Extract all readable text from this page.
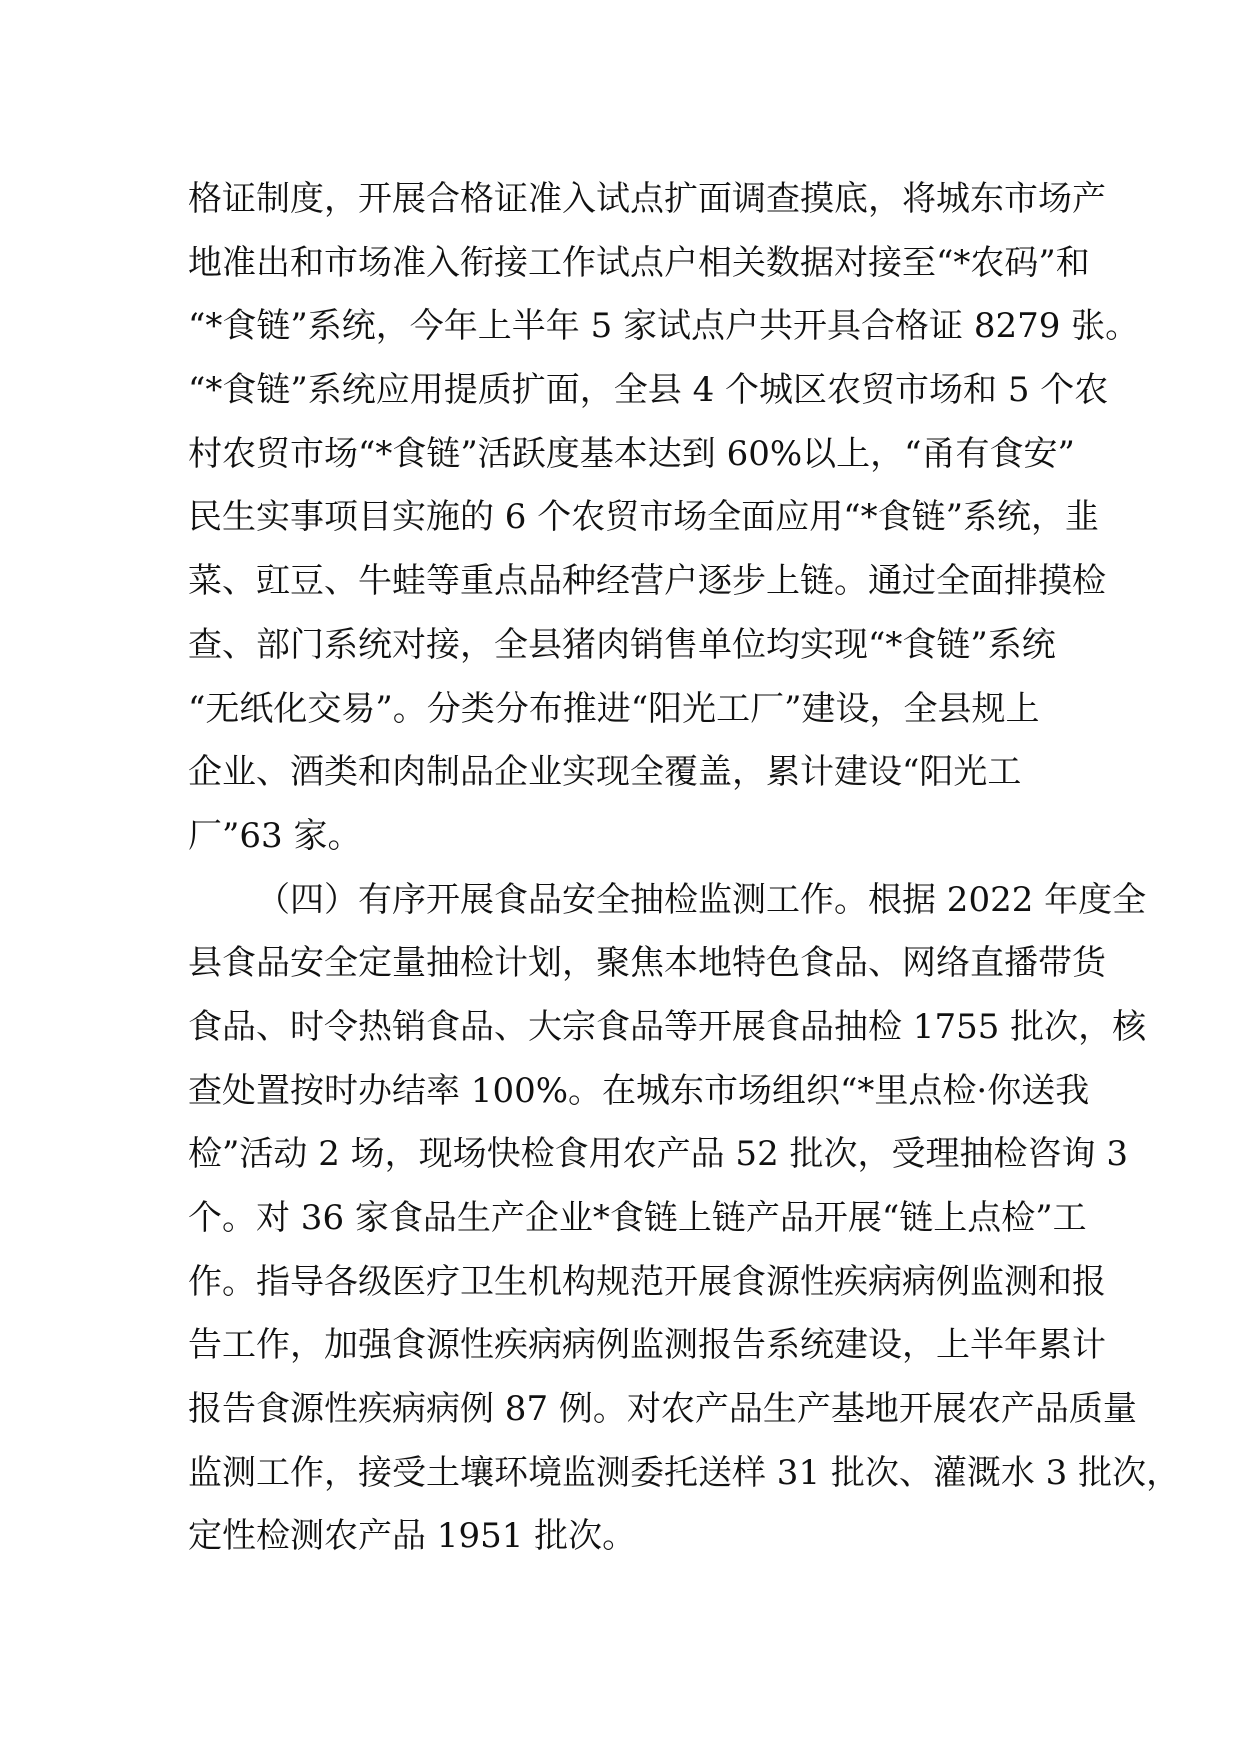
格证制度，开展合格证准入试点扩面调查摸底，将城东市场产
地准出和市场准入衔接工作试点户相关数据对接至“*农码”和
“*食链”系统，今年上半年 5 家试点户共开具合格证 8279 张。
“*食链”系统应用提质扩面，全县 4 个城区农贸市场和 5 个农
村农贸市场“*食链”活跃度基本达到 60%以上，“甬有食安”
民生实事项目实施的 6 个农贸市场全面应用“*食链”系统，韭
菜、豇豆、牛蛙等重点品种经营户逐步上链。通过全面排摸检
查、部门系统对接，全县猪肉销售单位均实现“*食链”系统
“无纸化交易”。分类分布推进“阳光工厂”建设，全县规上
企业、酒类和肉制品企业实现全覆盖，累计建设“阳光工
厂”63 家。
（四）有序开展食品安全抽检监测工作。根据 2022 年度全
县食品安全定量抽检计划，聚焦本地特色食品、网络直播带货
食品、时令热销食品、大宗食品等开展食品抽检 1755 批次，核
查处置按时办结率 100%。在城东市场组织“*里点检·你送我
检”活动 2 场，现场快检食用农产品 52 批次，受理抽检咨询 3
个。对 36 家食品生产企业*食链上链产品开展“链上点检”工
作。指导各级医疗卫生机构规范开展食源性疾病病例监测和报
告工作，加强食源性疾病病例监测报告系统建设，上半年累计
报告食源性疾病病例 87 例。对农产品生产基地开展农产品质量
监测工作，接受土壤环境监测委托送样 31 批次、灌溉水 3 批次，
定性检测农产品 1951 批次。
